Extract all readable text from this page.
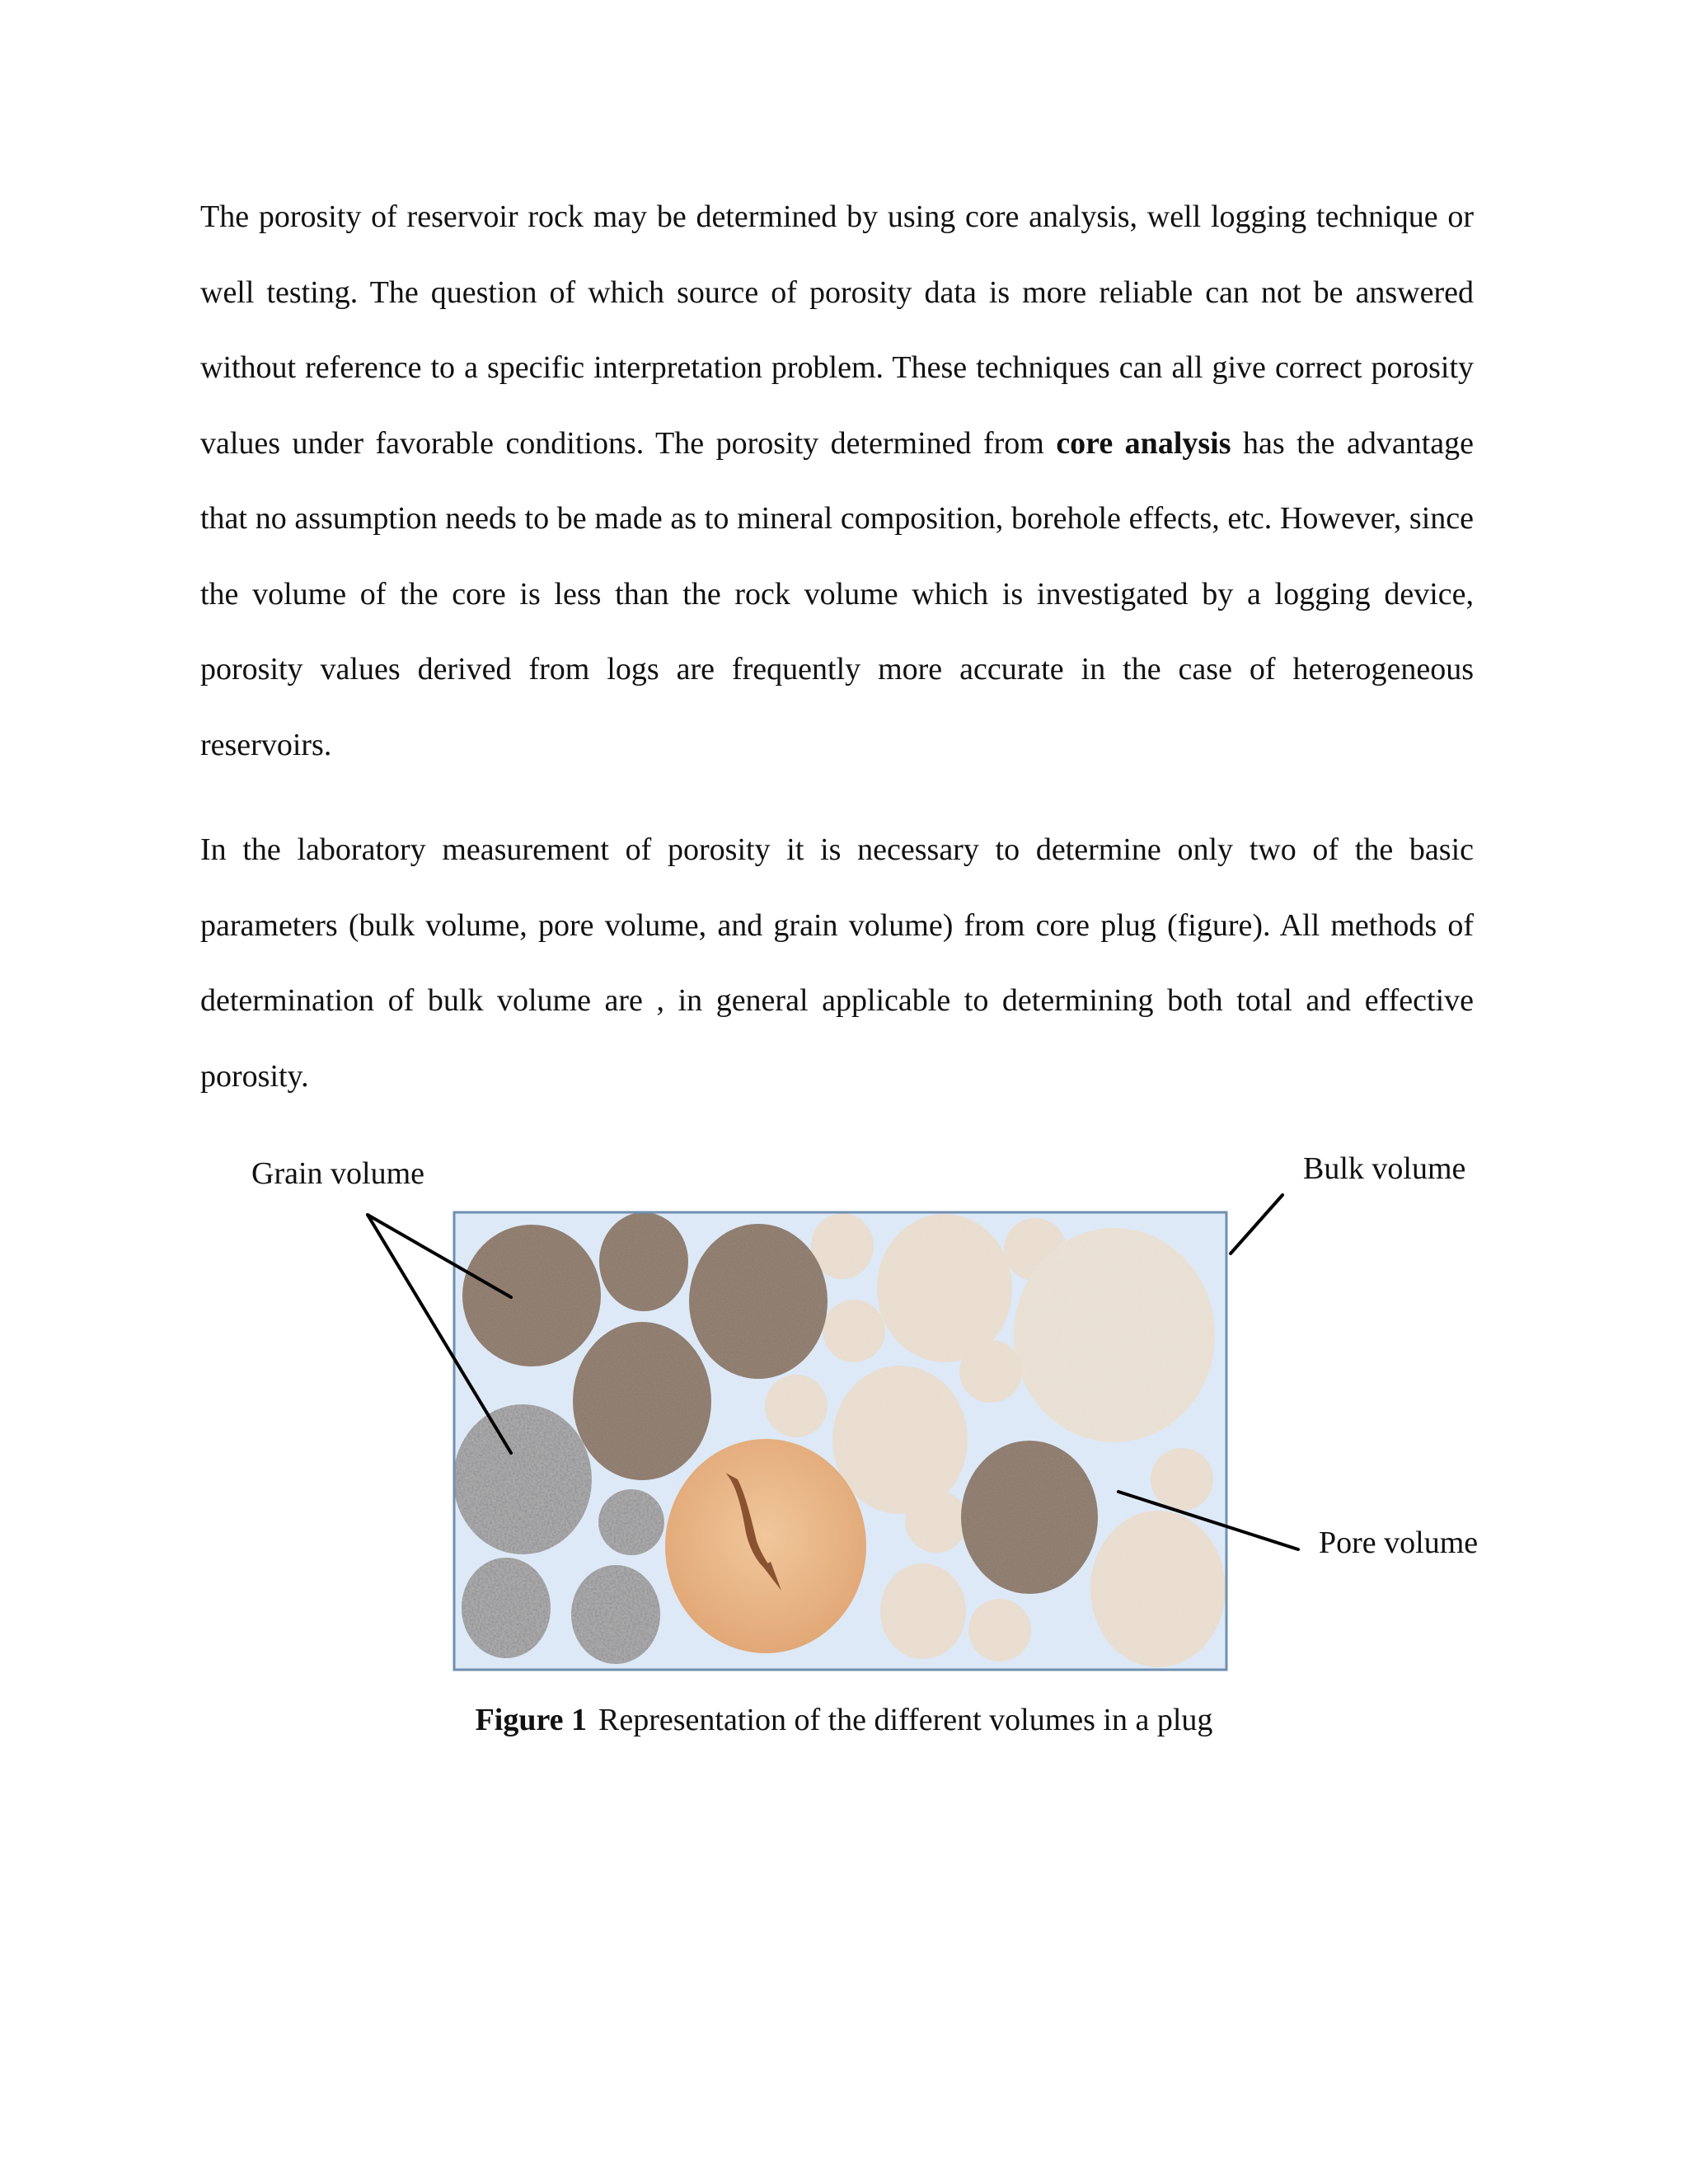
The porosity of reservoir rock may be determined by using core analysis, well logging technique or well testing. The question of which source of porosity data is more reliable can not be answered without reference to a specific interpretation problem. These techniques can all give correct porosity values under favorable conditions. The porosity determined from core analysis has the advantage that no assumption needs to be made as to mineral composition, borehole effects, etc. However, since the volume of the core is less than the rock volume which is investigated by a logging device, porosity values derived from logs are frequently more accurate in the case of heterogeneous reservoirs.

In the laboratory measurement of porosity it is necessary to determine only two of the basic parameters (bulk volume, pore volume, and grain volume) from core plug (figure). All methods of determination of bulk volume are , in general applicable to determining both total and effective porosity.

Grain volume	Bulk volume
Pore volume
Figure 1 Representation of the different volumes in a plug
